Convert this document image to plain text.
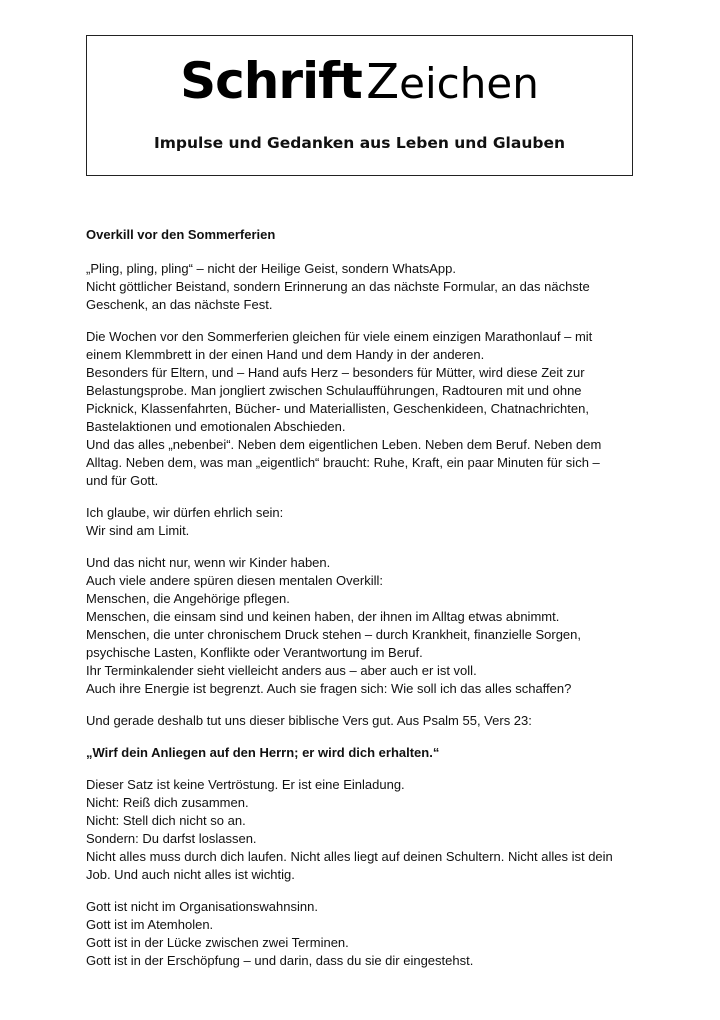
Schrift Zeichen
Impulse und Gedanken aus Leben und Glauben
Overkill vor den Sommerferien
„Pling, pling, pling“ – nicht der Heilige Geist, sondern WhatsApp.
Nicht göttlicher Beistand, sondern Erinnerung an das nächste Formular, an das nächste
Geschenk, an das nächste Fest.
Die Wochen vor den Sommerferien gleichen für viele einem einzigen Marathonlauf – mit
einem Klemmbrett in der einen Hand und dem Handy in der anderen.
Besonders für Eltern, und – Hand aufs Herz – besonders für Mütter, wird diese Zeit zur
Belastungsprobe. Man jongliert zwischen Schulaufführungen, Radtouren mit und ohne
Picknick, Klassenfahrten, Bücher- und Materiallisten, Geschenkideen, Chatnachrichten,
Bastelaktionen und emotionalen Abschieden.
Und das alles „nebenbei“. Neben dem eigentlichen Leben. Neben dem Beruf. Neben dem
Alltag. Neben dem, was man „eigentlich“ braucht: Ruhe, Kraft, ein paar Minuten für sich –
und für Gott.
Ich glaube, wir dürfen ehrlich sein:
Wir sind am Limit.
Und das nicht nur, wenn wir Kinder haben.
Auch viele andere spüren diesen mentalen Overkill:
Menschen, die Angehörige pflegen.
Menschen, die einsam sind und keinen haben, der ihnen im Alltag etwas abnimmt.
Menschen, die unter chronischem Druck stehen – durch Krankheit, finanzielle Sorgen,
psychische Lasten, Konflikte oder Verantwortung im Beruf.
Ihr Terminkalender sieht vielleicht anders aus – aber auch er ist voll.
Auch ihre Energie ist begrenzt. Auch sie fragen sich: Wie soll ich das alles schaffen?
Und gerade deshalb tut uns dieser biblische Vers gut. Aus Psalm 55, Vers 23:
„Wirf dein Anliegen auf den Herrn; er wird dich erhalten.“
Dieser Satz ist keine Vertröstung. Er ist eine Einladung.
Nicht: Reiß dich zusammen.
Nicht: Stell dich nicht so an.
Sondern: Du darfst loslassen.
Nicht alles muss durch dich laufen. Nicht alles liegt auf deinen Schultern. Nicht alles ist dein
Job. Und auch nicht alles ist wichtig.
Gott ist nicht im Organisationswahnsinn.
Gott ist im Atemholen.
Gott ist in der Lücke zwischen zwei Terminen.
Gott ist in der Erschöpfung – und darin, dass du sie dir eingestehst.
